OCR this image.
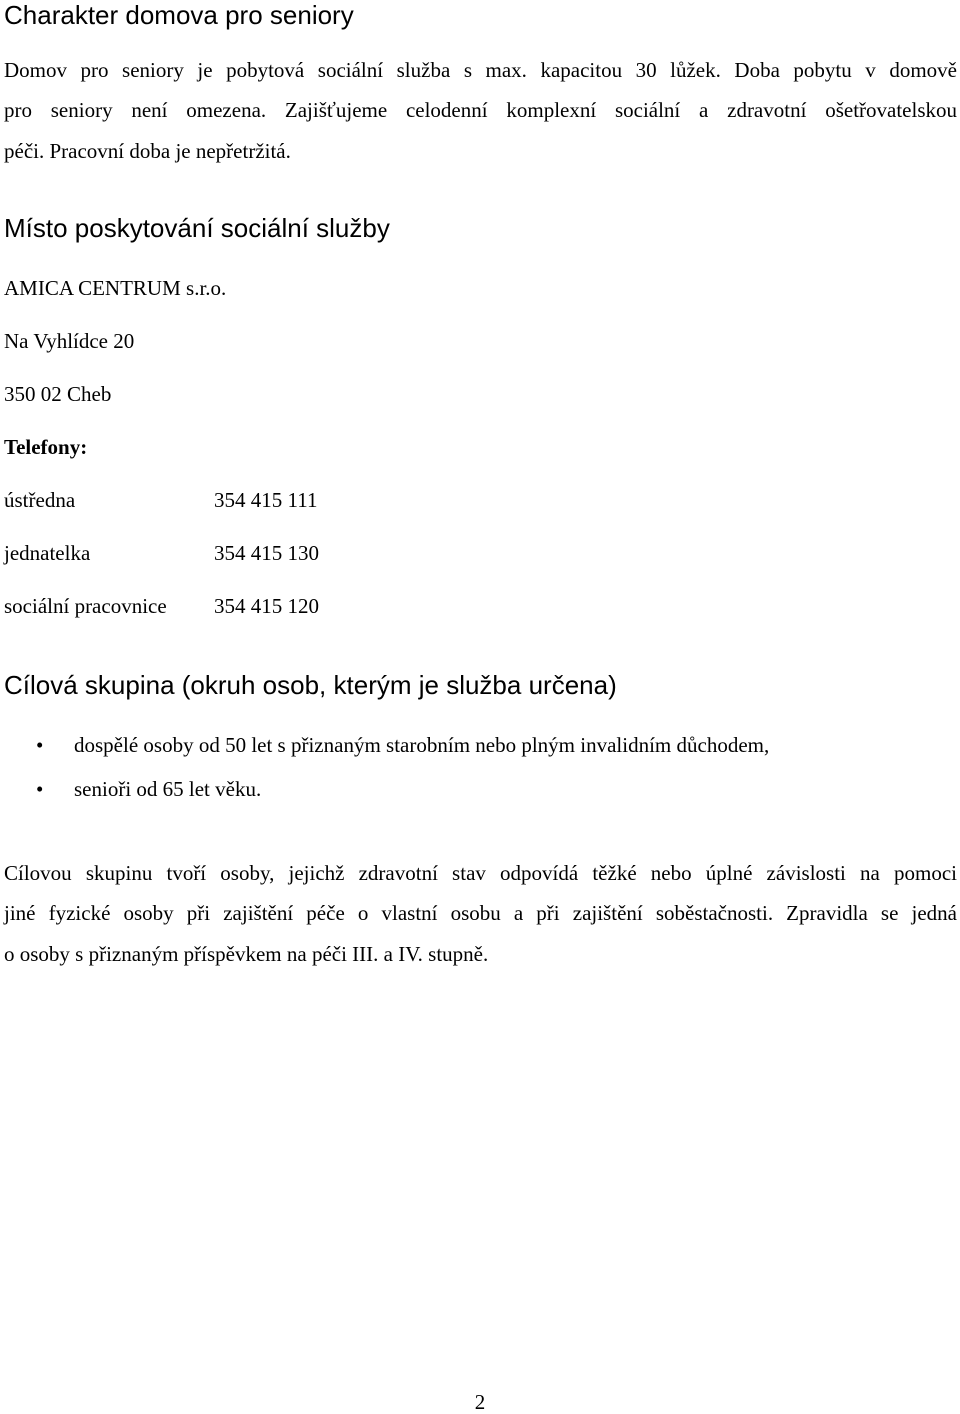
Charakter domova pro seniory
Domov pro seniory je pobytová sociální služba s max. kapacitou 30 lůžek. Doba pobytu v domově
pro seniory není omezena. Zajišťujeme celodenní komplexní sociální a zdravotní ošetřovatelskou
péči. Pracovní doba je nepřetržitá.
Místo poskytování sociální služby
AMICA CENTRUM s.r.o.
Na Vyhlídce 20
350 02 Cheb
Telefony:
ústředna	354 415 111
jednatelka	354 415 130
sociální pracovnice 354 415 120
Cílová skupina (okruh osob, kterým je služba určena)
• dospělé osoby od 50 let s přiznaným starobním nebo plným invalidním důchodem,
• senioři od 65 let věku.
Cílovou skupinu tvoří osoby, jejichž zdravotní stav odpovídá těžké nebo úplné závislosti na pomoci
jiné fyzické osoby při zajištění péče o vlastní osobu a při zajištění soběstačnosti. Zpravidla se jedná
o osoby s přiznaným příspěvkem na péči III. a IV. stupně.
2
